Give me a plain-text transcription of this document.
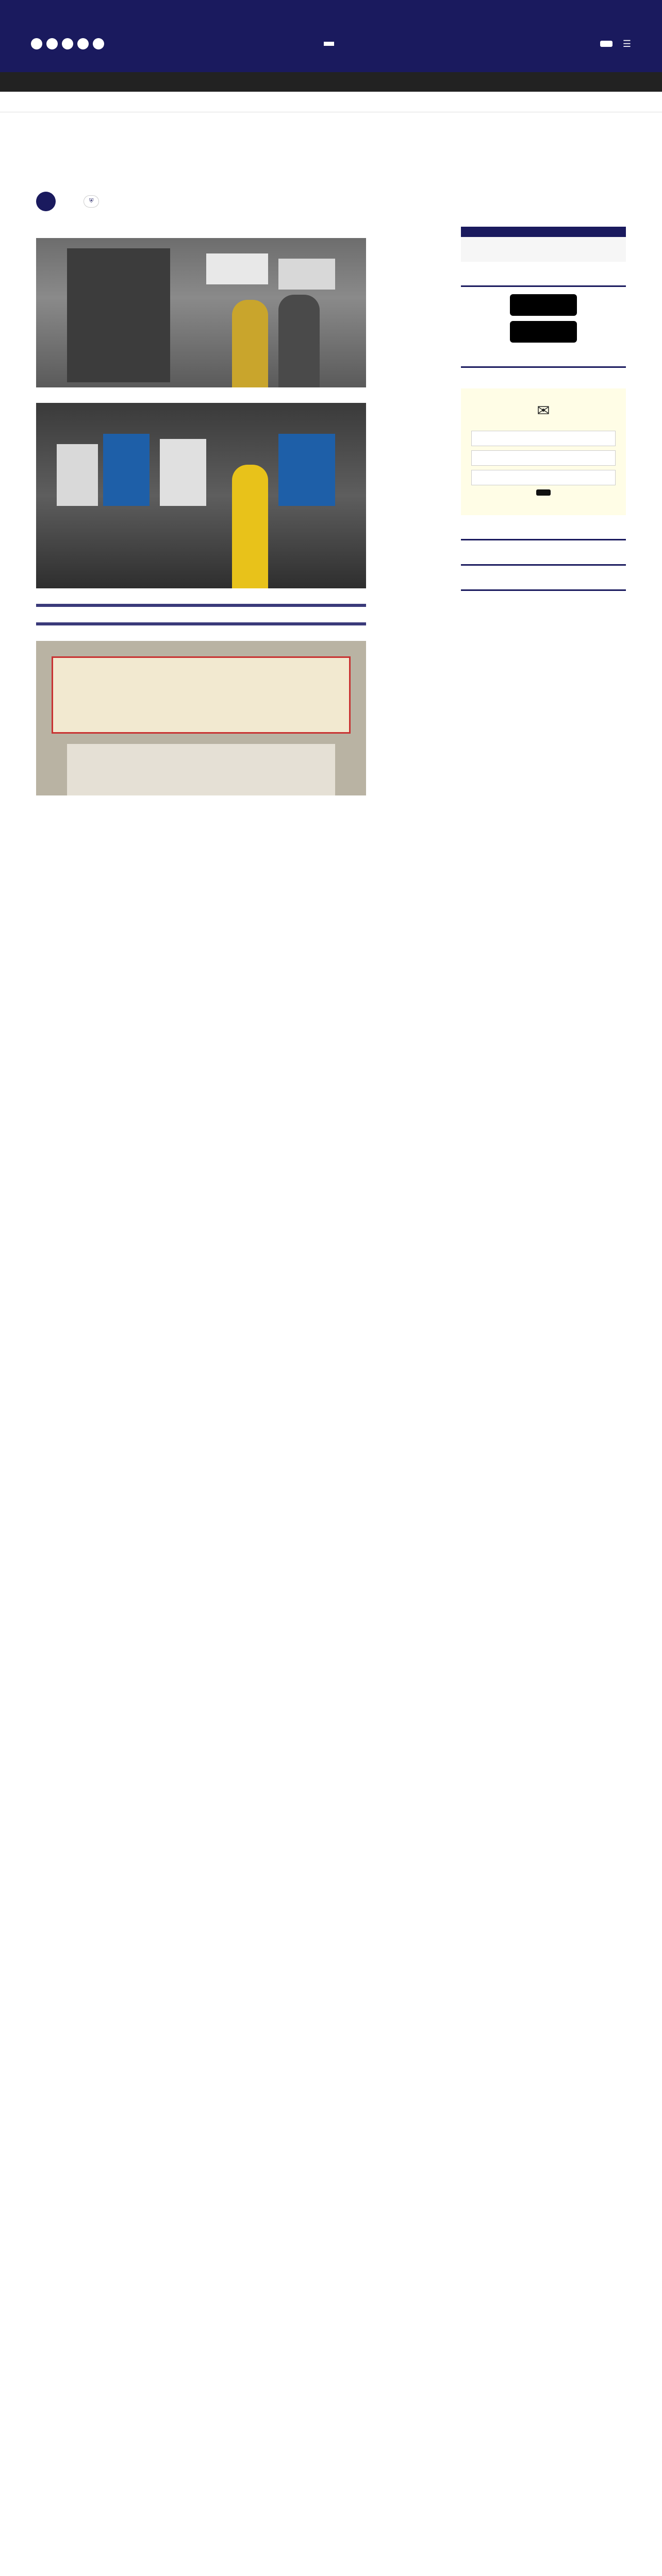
☰
⛨

✉
